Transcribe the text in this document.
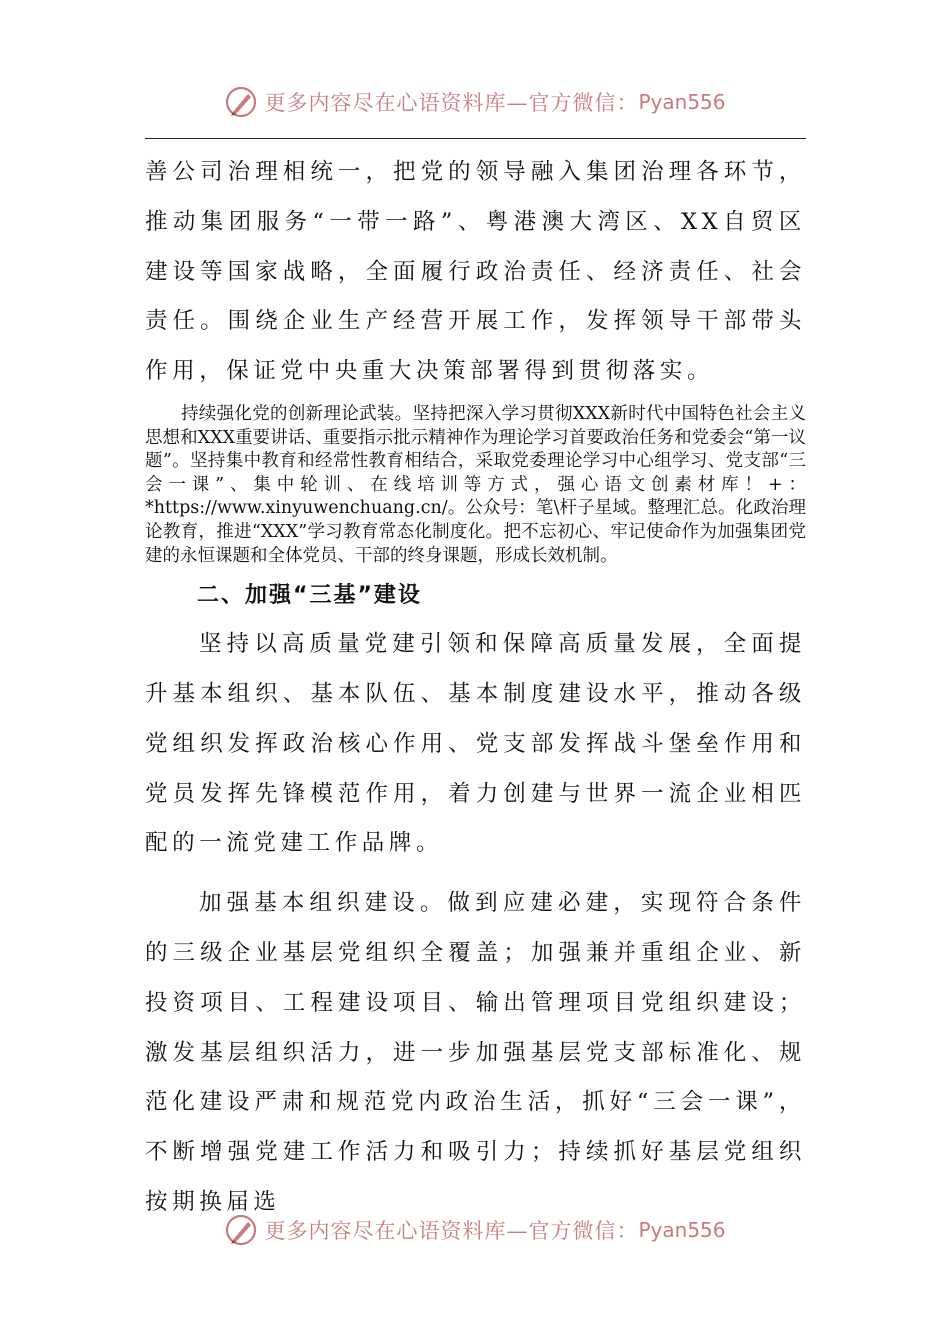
更多内容尽在心语资料库—官方微信： Pyan556

善公司治理相统一，把党的领导融入集团治理各环节，推动集团服务“一带一路”、粤港澳大湾区、XX自贸区建设等国家战略，全面履行政治责任、经济责任、社会责任。围绕企业生产经营开展工作，发挥领导干部带头作用，保证党中央重大决策部署得到贯彻落实。

持续强化党的创新理论武装。坚持把深入学习贯彻XXX新时代中国特色社会主义思想和XXX重要讲话、重要指示批示精神作为理论学习首要政治任务和党委会“第一议题”。坚持集中教育和经常性教育相结合，采取党委理论学习中心组学习、党支部“三会一课”、集中轮训、在线培训等方式，强心语文创素材库！+：*https://www.xinyuwenchuang.cn/。公众号：笔\杆子星域。整理汇总。化政治理论教育，推进“XXX”学习教育常态化制度化。把不忘初心、牢记使命作为加强集团党建的永恒课题和全体党员、干部的终身课题，形成长效机制。

二、加强“三基”建设

坚持以高质量党建引领和保障高质量发展，全面提升基本组织、基本队伍、基本制度建设水平，推动各级党组织发挥政治核心作用、党支部发挥战斗堡垒作用和党员发挥先锋模范作用，着力创建与世界一流企业相匹配的一流党建工作品牌。

加强基本组织建设。做到应建必建，实现符合条件的三级企业基层党组织全覆盖；加强兼并重组企业、新投资项目、工程建设项目、输出管理项目党组织建设；激发基层组织活力，进一步加强基层党支部标准化、规范化建设严肃和规范党内政治生活，抓好“三会一课”，不断增强党建工作活力和吸引力；持续抓好基层党组织按期换届选

更多内容尽在心语资料库—官方微信： Pyan556
